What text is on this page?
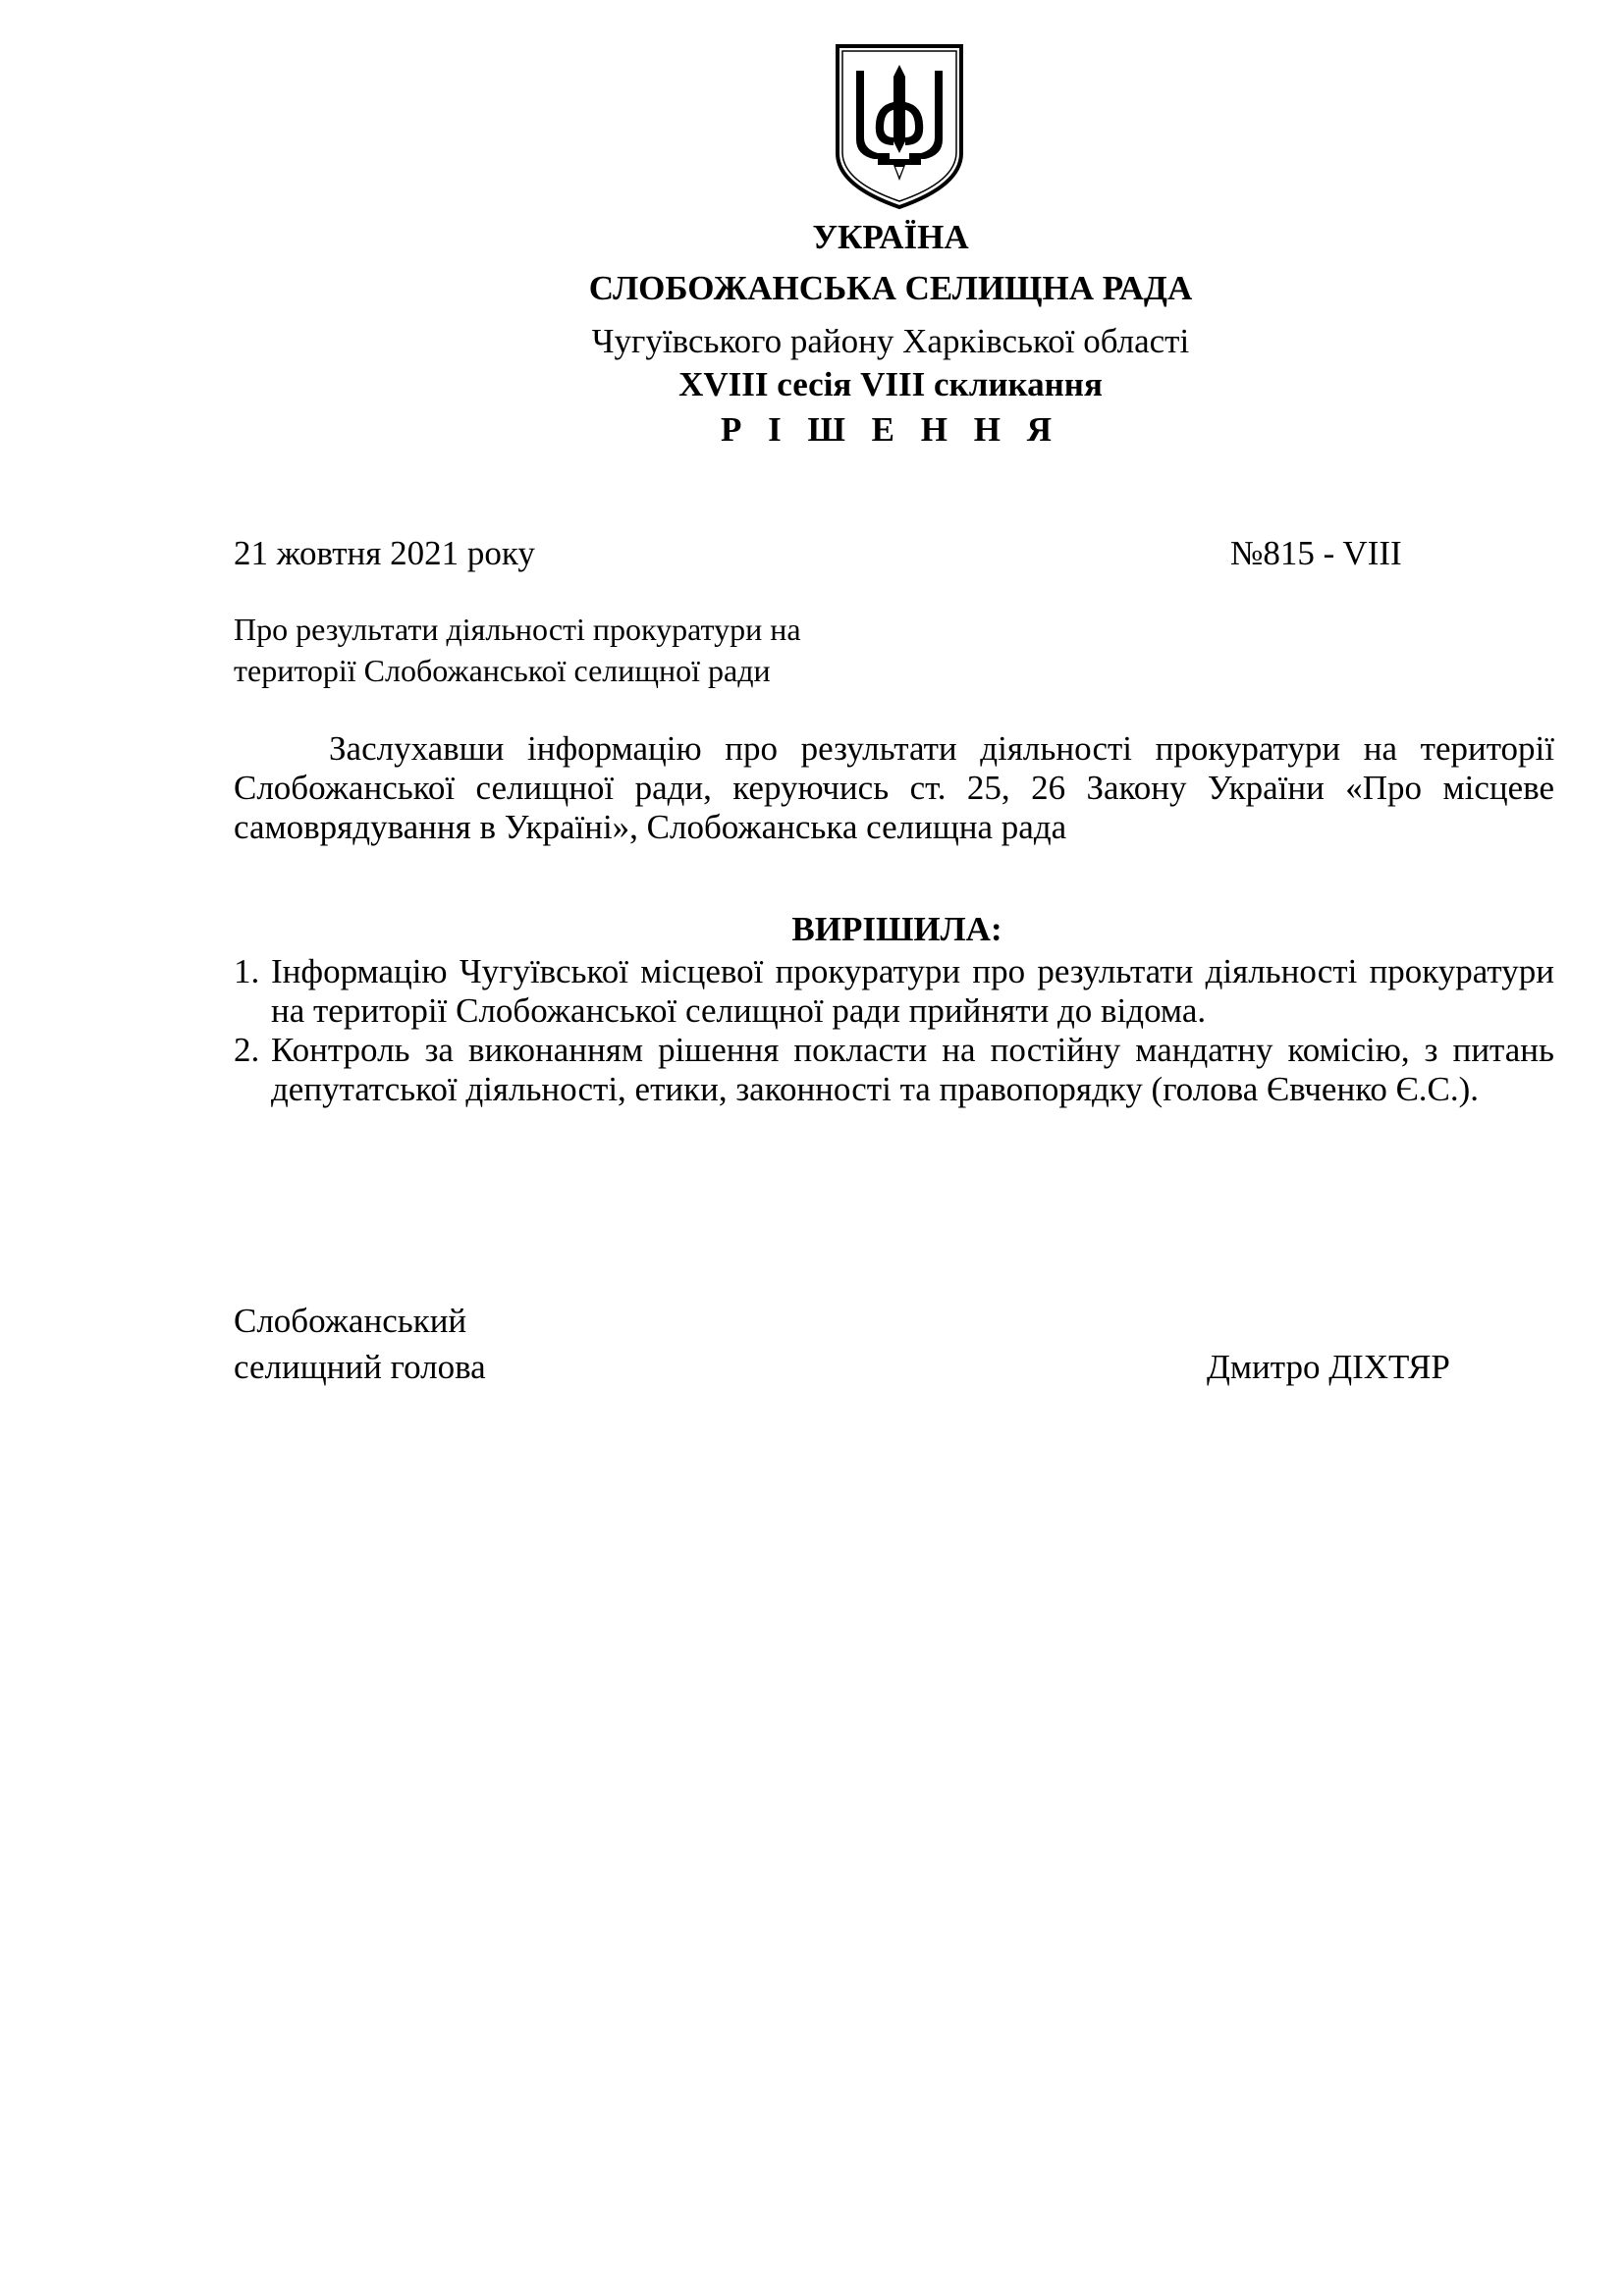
УКРАЇНА
СЛОБОЖАНСЬКА СЕЛИЩНА РАДА
Чугуївського району Харківської області
XVIII сесія VIII скликання
Р І Ш Е Н Н Я
21 жовтня 2021 року	№815 - VIII
Про результати діяльності прокуратури на
території Слобожанської селищної ради
Заслухавши інформацію про результати діяльності прокуратури на території Слобожанської селищної ради, керуючись ст. 25, 26 Закону України «Про місцеве самоврядування в Україні», Слобожанська селищна рада
ВИРІШИЛА:
1. Інформацію Чугуївської місцевої прокуратури про результати діяльності прокуратури на території Слобожанської селищної ради прийняти до відома.
2. Контроль за виконанням рішення покласти на постійну мандатну комісію, з питань депутатської діяльності, етики, законності та правопорядку (голова Євченко Є.С.).
Слобожанський
селищний голова	Дмитро ДІХТЯР
